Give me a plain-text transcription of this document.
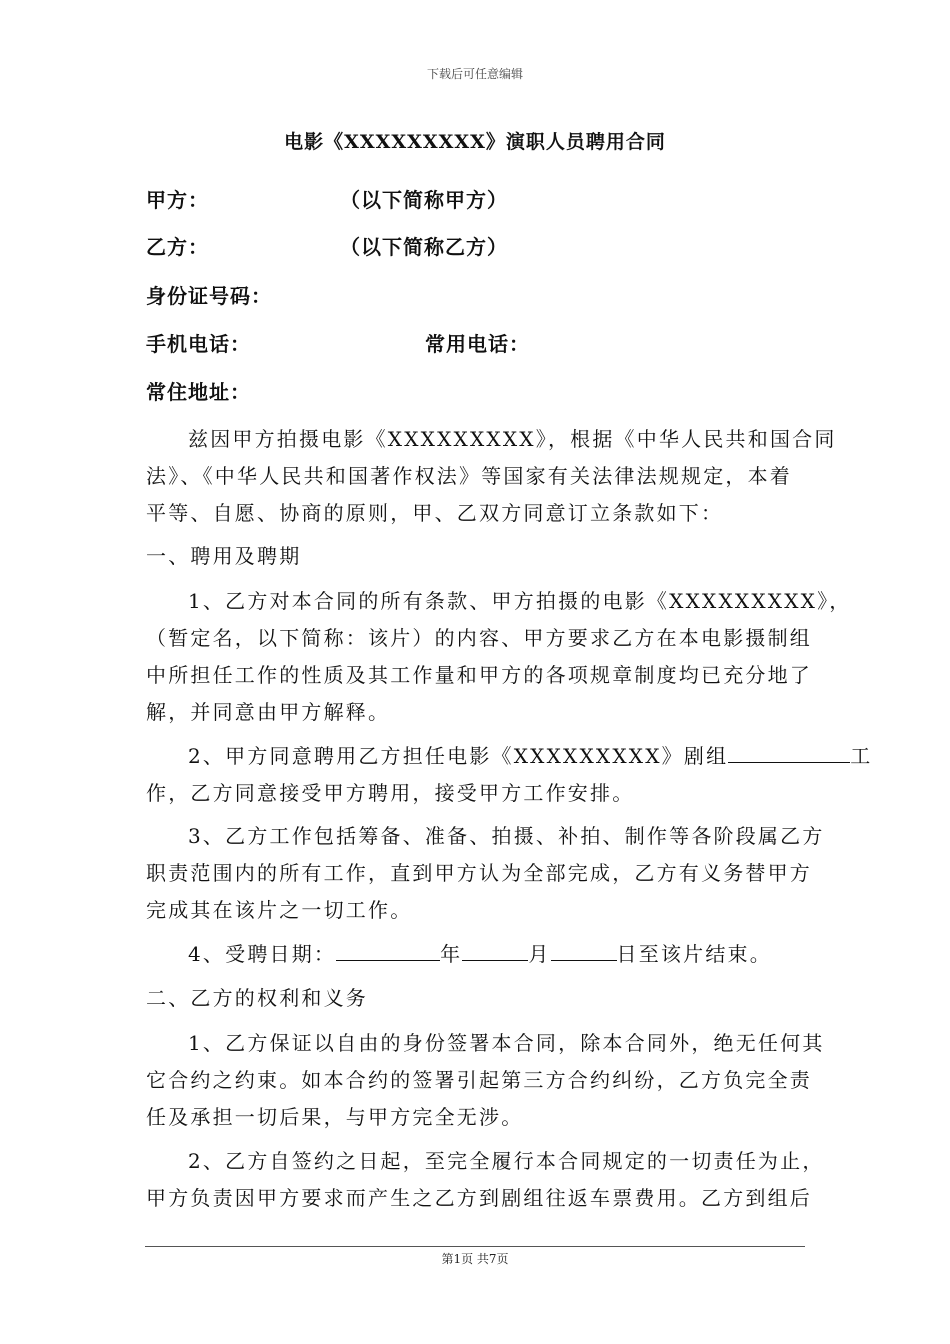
下载后可任意编辑
电影《XXXXXXXXX》演职人员聘用合同
甲方：	（以下简称甲方）
乙方：	（以下简称乙方）
身份证号码：
手机电话：	常用电话：
常住地址：
兹因甲方拍摄电影《XXXXXXXXX》，根据《中华人民共和国合同
法》、《中华人民共和国著作权法》等国家有关法律法规规定，本着
平等、自愿、协商的原则，甲、乙双方同意订立条款如下：
一、聘用及聘期
1、乙方对本合同的所有条款、甲方拍摄的电影《XXXXXXXXX》，
（暂定名，以下简称：该片）的内容、甲方要求乙方在本电影摄制组
中所担任工作的性质及其工作量和甲方的各项规章制度均已充分地了
解，并同意由甲方解释。
2、甲方同意聘用乙方担任电影《XXXXXXXXX》剧组	工
作，乙方同意接受甲方聘用，接受甲方工作安排。
3、乙方工作包括筹备、准备、拍摄、补拍、制作等各阶段属乙方
职责范围内的所有工作，直到甲方认为全部完成，乙方有义务替甲方
完成其在该片之一切工作。
4、受聘日期：	年	月	日至该片结束。
二、乙方的权利和义务
1、乙方保证以自由的身份签署本合同，除本合同外，绝无任何其
它合约之约束。如本合约的签署引起第三方合约纠纷，乙方负完全责
任及承担一切后果，与甲方完全无涉。
2、乙方自签约之日起，至完全履行本合同规定的一切责任为止，
甲方负责因甲方要求而产生之乙方到剧组往返车票费用。乙方到组后
第1页 共7页
